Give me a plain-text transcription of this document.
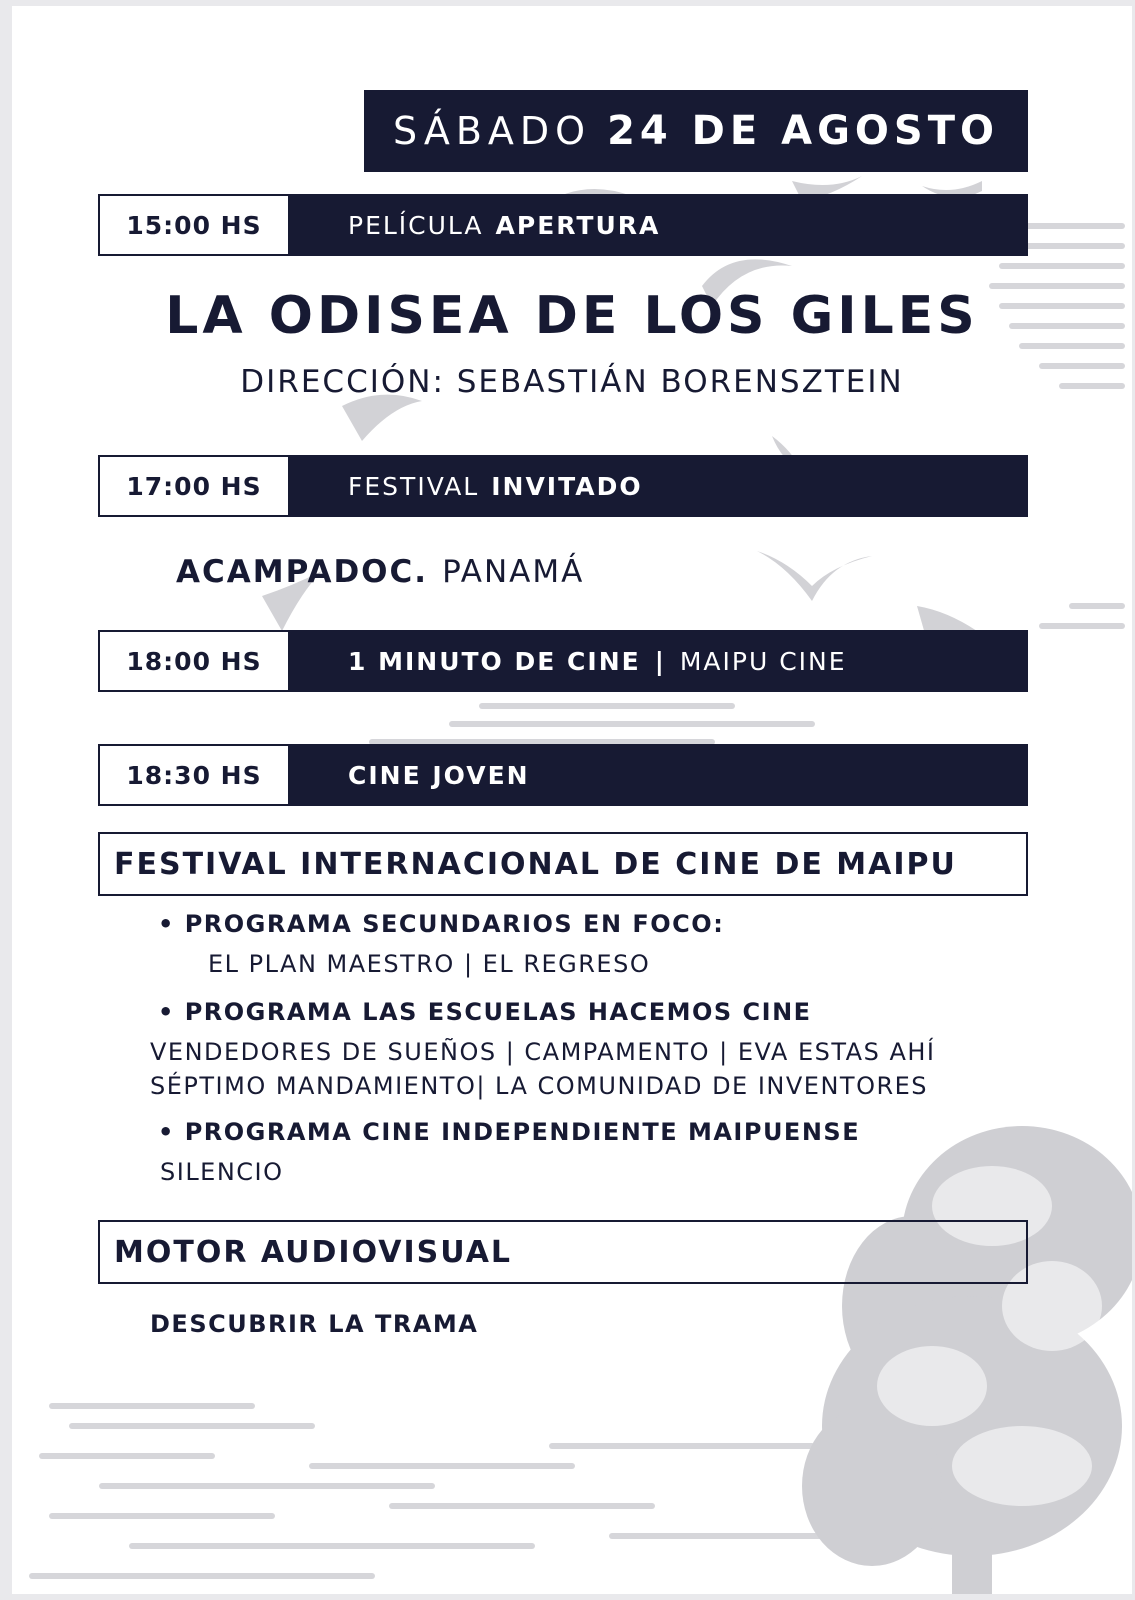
SÁBADO 24 DE AGOSTO
15:00 HS	PELÍCULA APERTURA
LA ODISEA DE LOS GILES
DIRECCIÓN: SEBASTIÁN BORENSZTEIN
17:00 HS	FESTIVAL INVITADO
ACAMPADOC. PANAMÁ
18:00 HS	1 MINUTO DE CINE | MAIPU CINE
18:30 HS	CINE JOVEN
FESTIVAL INTERNACIONAL DE CINE DE MAIPU
• PROGRAMA SECUNDARIOS EN FOCO:
EL PLAN MAESTRO | EL REGRESO
• PROGRAMA LAS ESCUELAS HACEMOS CINE
VENDEDORES DE SUEÑOS | CAMPAMENTO | EVA ESTAS AHÍ
SÉPTIMO MANDAMIENTO| LA COMUNIDAD DE INVENTORES
• PROGRAMA CINE INDEPENDIENTE MAIPUENSE
SILENCIO
MOTOR AUDIOVISUAL
DESCUBRIR LA TRAMA
